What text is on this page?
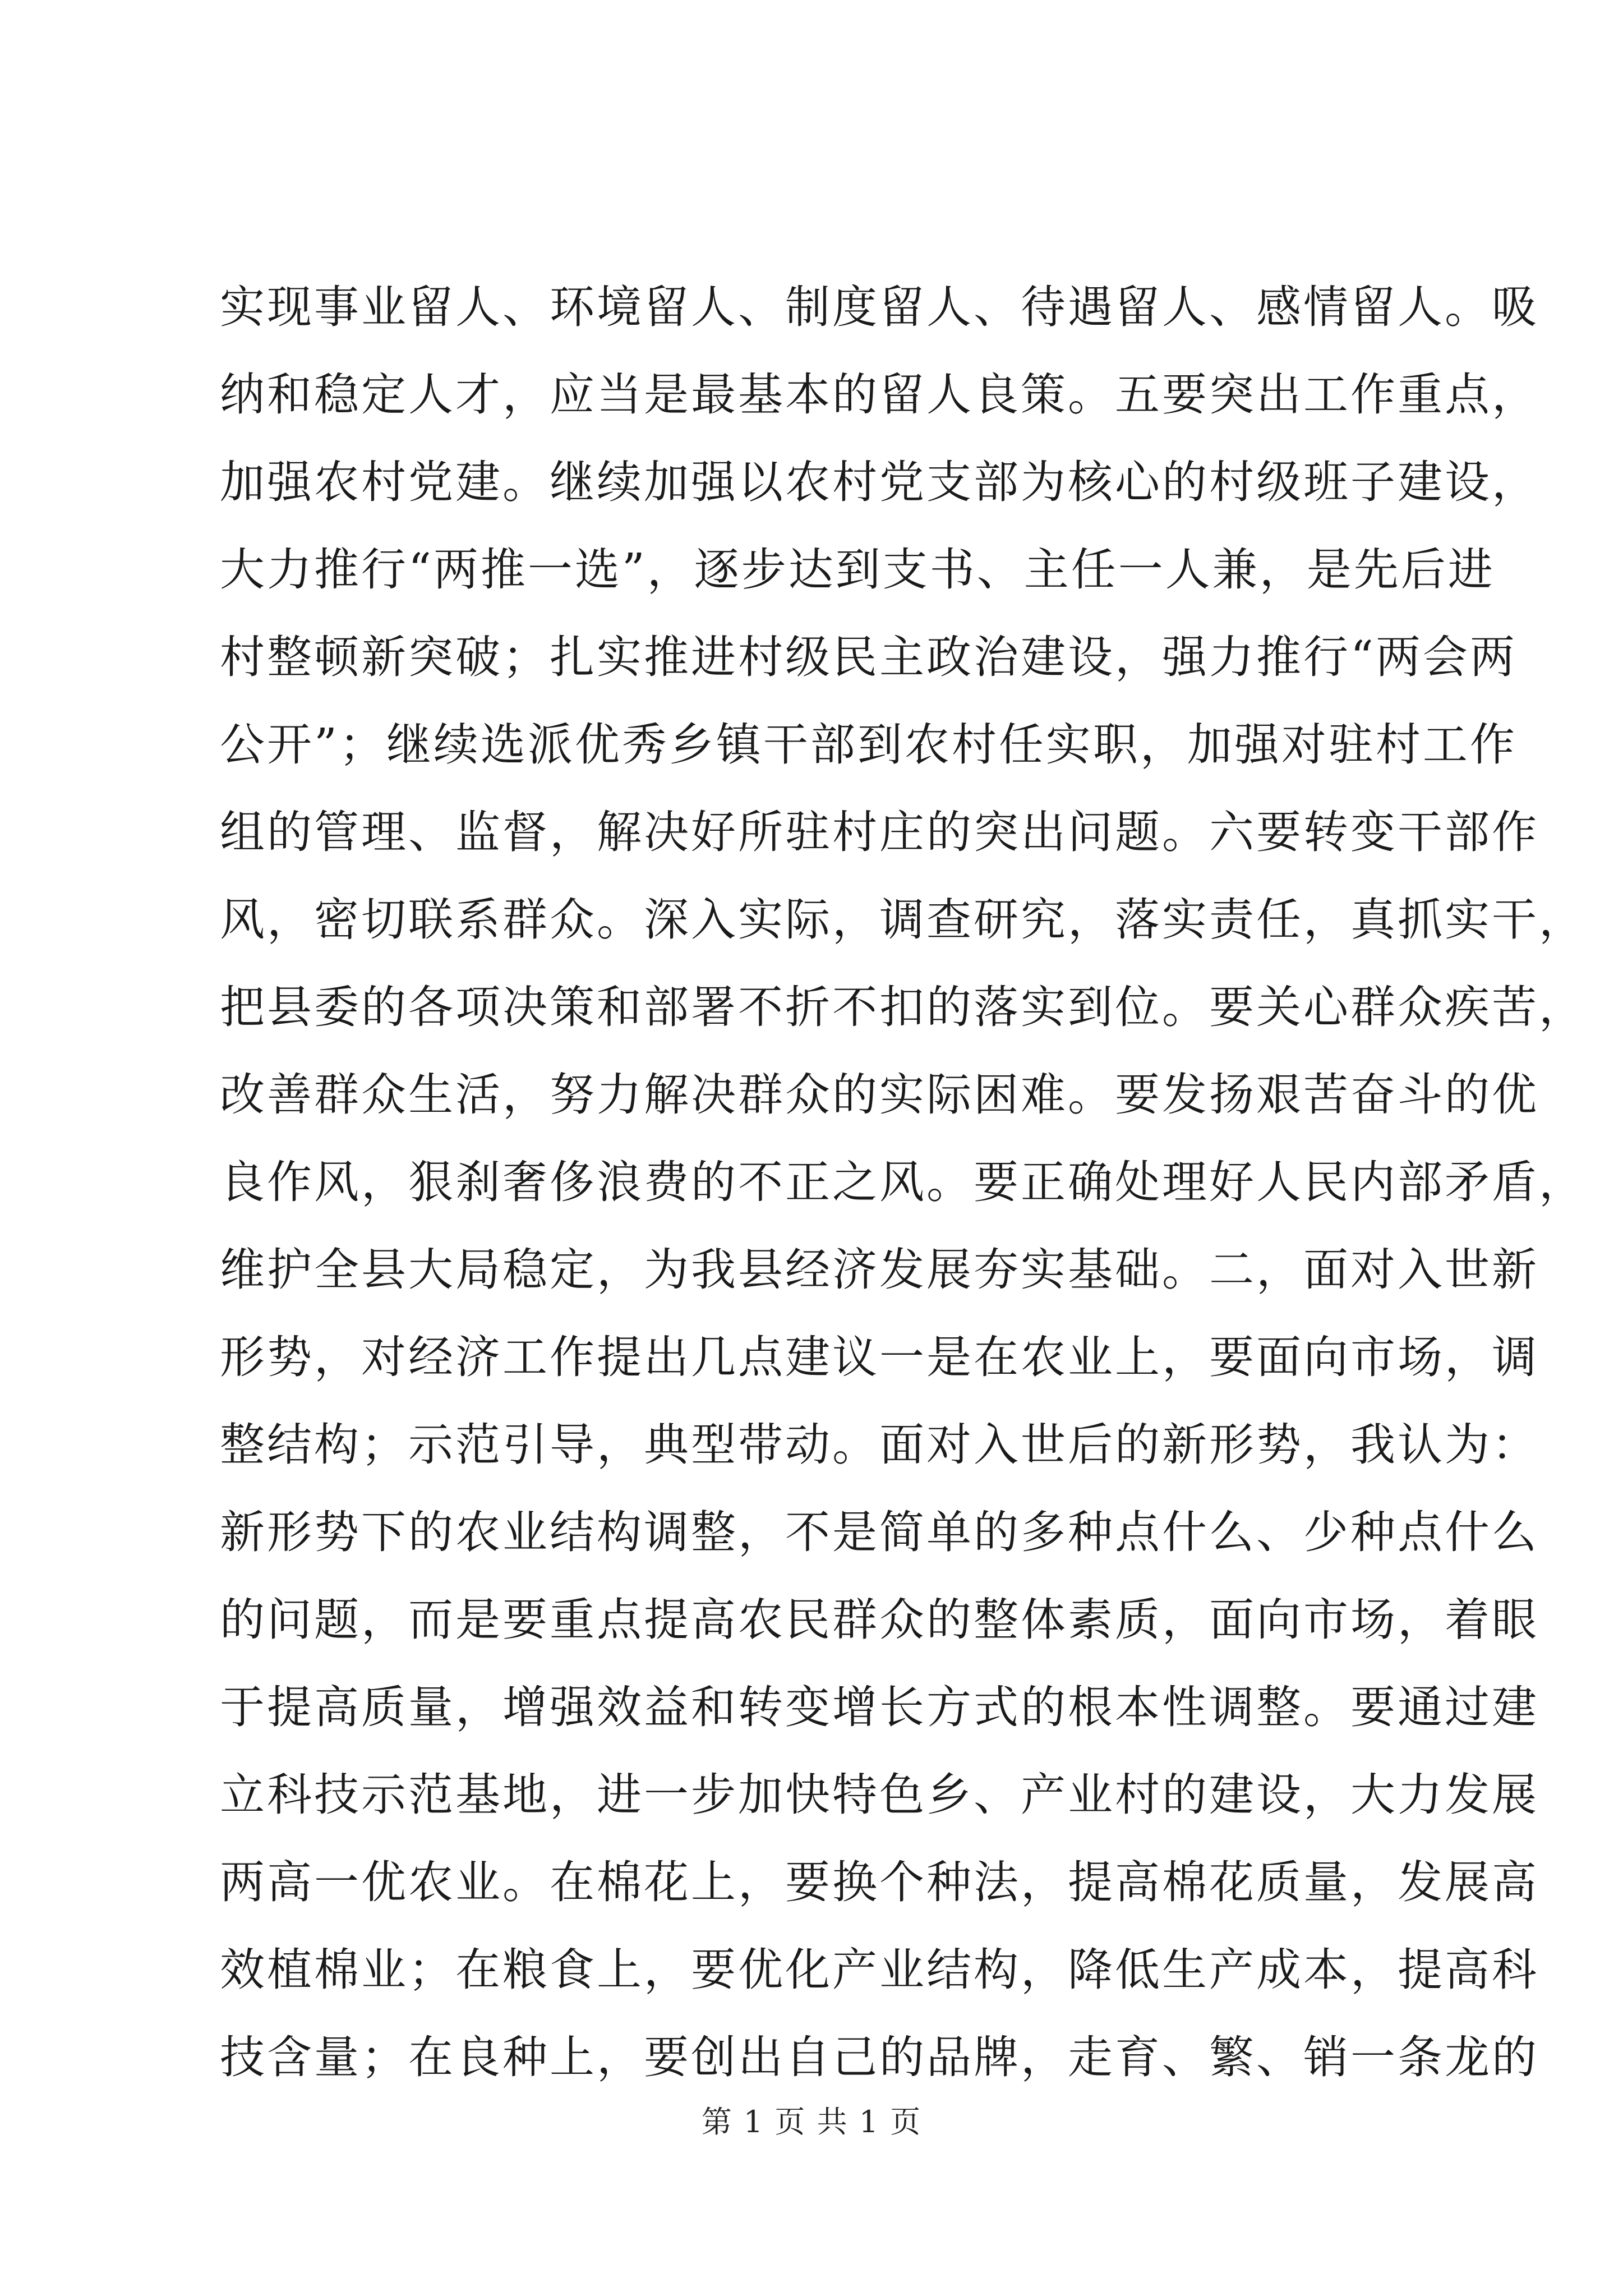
实现事业留人、环境留人、制度留人、待遇留人、感情留人。吸
纳和稳定人才，应当是最基本的留人良策。五要突出工作重点，
加强农村党建。继续加强以农村党支部为核心的村级班子建设，
大力推行“两推一选”，逐步达到支书、主任一人兼，是先后进
村整顿新突破；扎实推进村级民主政治建设，强力推行“两会两
公开”；继续选派优秀乡镇干部到农村任实职，加强对驻村工作
组的管理、监督，解决好所驻村庄的突出问题。六要转变干部作
风，密切联系群众。深入实际，调查研究，落实责任，真抓实干，
把县委的各项决策和部署不折不扣的落实到位。要关心群众疾苦，
改善群众生活，努力解决群众的实际困难。要发扬艰苦奋斗的优
良作风，狠刹奢侈浪费的不正之风。要正确处理好人民内部矛盾，
维护全县大局稳定，为我县经济发展夯实基础。二，面对入世新
形势，对经济工作提出几点建议一是在农业上，要面向市场，调
整结构；示范引导，典型带动。面对入世后的新形势，我认为：
新形势下的农业结构调整，不是简单的多种点什么、少种点什么
的问题，而是要重点提高农民群众的整体素质，面向市场，着眼
于提高质量，增强效益和转变增长方式的根本性调整。要通过建
立科技示范基地，进一步加快特色乡、产业村的建设，大力发展
两高一优农业。在棉花上，要换个种法，提高棉花质量，发展高
效植棉业；在粮食上，要优化产业结构，降低生产成本，提高科
技含量；在良种上，要创出自己的品牌，走育、繁、销一条龙的
第 1 页 共 1 页
